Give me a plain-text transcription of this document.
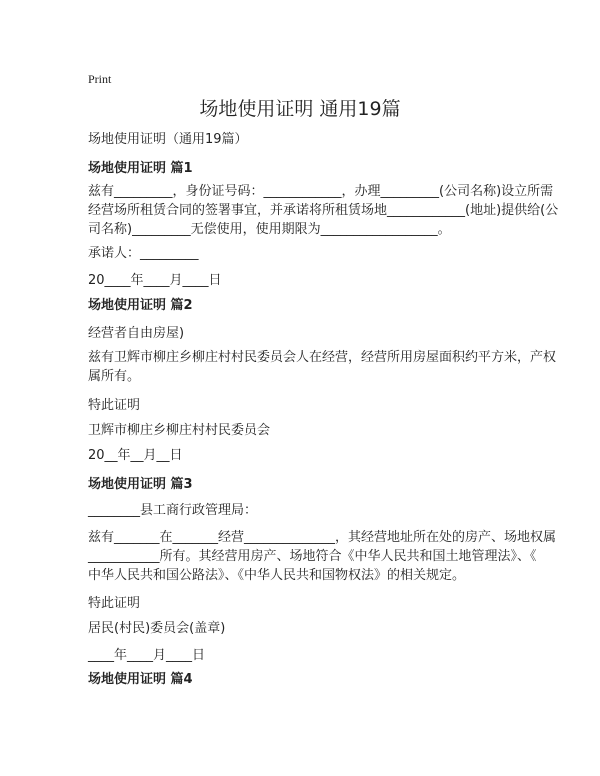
Print
场地使用证明 通用19篇
场地使用证明（通用19篇）
场地使用证明 篇1
兹有_________，身份证号码：____________，办理_________(公司名称)设立所需
经营场所租赁合同的签署事宜，并承诺将所租赁场地____________(地址)提供给(公
司名称)_________无偿使用，使用期限为__________________。
承诺人：_________
20____年____月____日
场地使用证明 篇2
经营者自由房屋)
兹有卫辉市柳庄乡柳庄村村民委员会人在经营，经营所用房屋面积约平方米，产权
属所有。
特此证明
卫辉市柳庄乡柳庄村村民委员会
20__年__月__日
场地使用证明 篇3
________县工商行政管理局：
兹有_______在_______经营______________，其经营地址所在处的房产、场地权属
___________所有。其经营用房产、场地符合《中华人民共和国土地管理法》、《
中华人民共和国公路法》、《中华人民共和国物权法》的相关规定。
特此证明
居民(村民)委员会(盖章)
____年____月____日
场地使用证明 篇4
